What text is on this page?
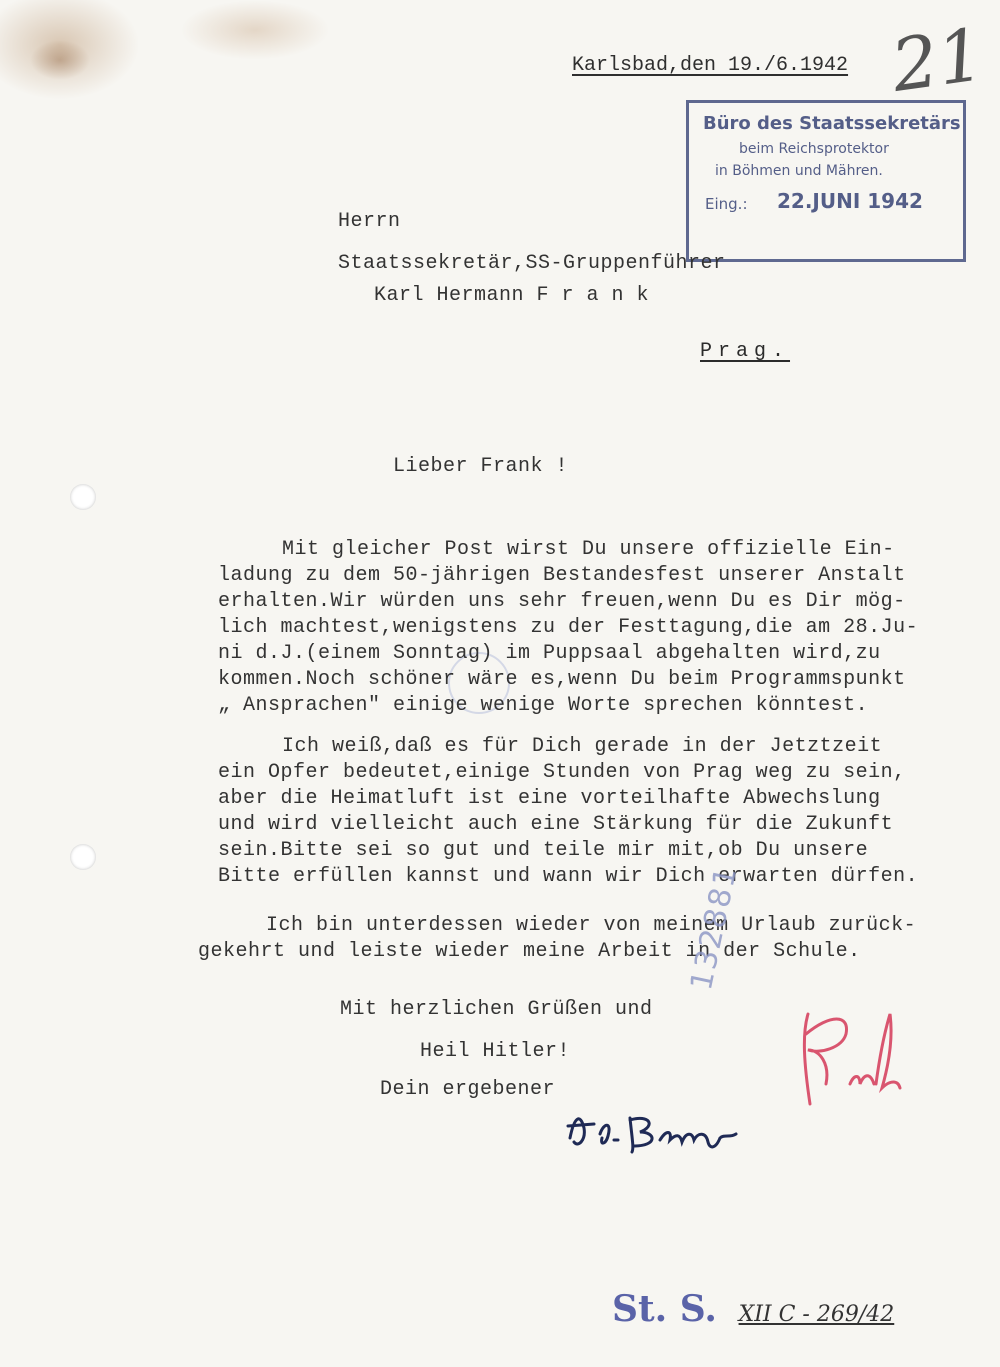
Karlsbad,den 19./6.1942 21
Büro des Staatssekretärs
beim Reichsprotektor
in Böhmen und Mähren.
Eing.: 22.JUNI 1942
Herrn
Staatssekretär,SS-Gruppenführer
Karl Hermann F r a n k
Prag.
Lieber Frank !
Mit gleicher Post wirst Du unsere offizielle Ein-
ladung zu dem 50-jährigen Bestandesfest unserer Anstalt
erhalten.Wir würden uns sehr freuen,wenn Du es Dir mög-
lich machtest,wenigstens zu der Festtagung,die am 28.Ju-
ni d.J.(einem Sonntag) im Puppsaal abgehalten wird,zu
kommen.Noch schöner wäre es,wenn Du beim Programmspunkt
„ Ansprachen" einige wenige Worte sprechen könntest.
Ich weiß,daß es für Dich gerade in der Jetztzeit
ein Opfer bedeutet,einige Stunden von Prag weg zu sein,
aber die Heimatluft ist eine vorteilhafte Abwechslung
und wird vielleicht auch eine Stärkung für die Zukunft
sein.Bitte sei so gut und teile mir mit,ob Du unsere
Bitte erfüllen kannst und wann wir Dich erwarten dürfen.
Ich bin unterdessen wieder von meinem Urlaub zurück-
gekehrt und leiste wieder meine Arbeit in der Schule.
132881
Mit herzlichen Grüßen und
Heil Hitler!
Dein ergebener
St. S. XII C - 269/42
